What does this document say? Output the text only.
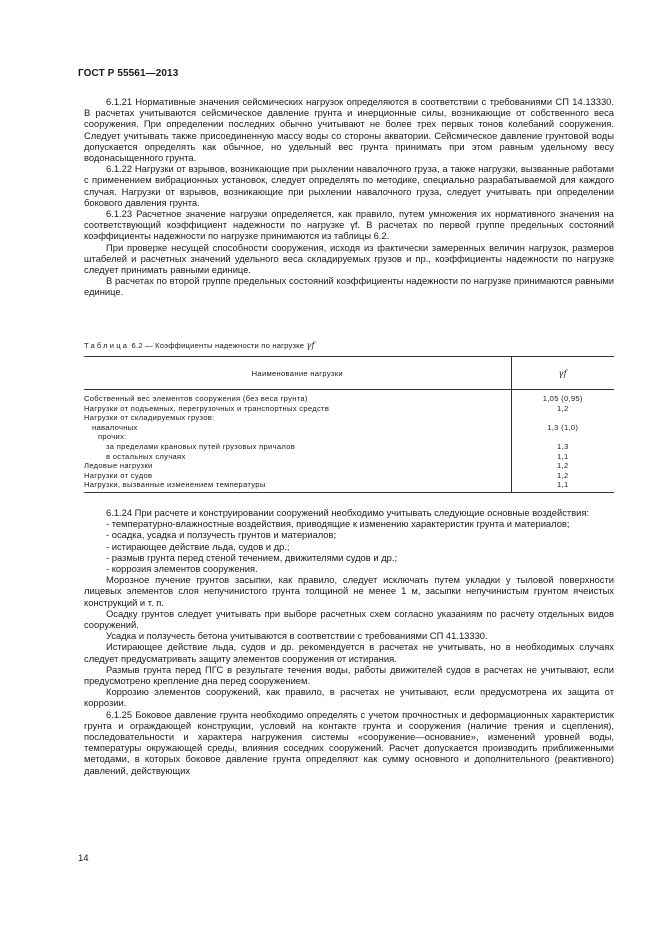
ГОСТ Р 55561—2013

6.1.21 Нормативные значения сейсмических нагрузок определяются в соответствии с требованиями СП 14.13330. В расчетах учитываются сейсмическое давление грунта и инерционные силы, возникающие от собственного веса сооружения. При определении последних обычно учитывают не более трех первых тонов колебаний сооружения. Следует учитывать также присоединенную массу воды со стороны акватории. Сейсмическое давление грунтовой воды допускается определять как обычное, но удельный вес грунта принимать при этом равным удельному весу водонасыщенного грунта.

6.1.22 Нагрузки от взрывов, возникающие при рыхлении навалочного груза, а также нагрузки, вызванные работами с применением вибрационных установок, следует определять по методике, специально разрабатываемой для каждого случая. Нагрузки от взрывов, возникающие при рыхлении навалочного груза, следует учитывать при определении бокового давления грунта.

6.1.23 Расчетное значение нагрузки определяется, как правило, путем умножения их нормативного значения на соответствующий коэффициент надежности по нагрузке γf. В расчетах по первой группе предельных состояний коэффициенты надежности по нагрузке принимаются из таблицы 6.2.

При проверке несущей способности сооружения, исходя из фактически замеренных величин нагрузок, размеров штабелей и расчетных значений удельного веса складируемых грузов и пр., коэффициенты надежности по нагрузке следует принимать равными единице.

В расчетах по второй группе предельных состояний коэффициенты надежности по нагрузке принимаются равными единице.

Таблица 6.2 — Коэффициенты надежности по нагрузке γf
Наименование нагрузки	γf
Собственный вес элементов сооружения (без веса грунта)	1,05 (0,95)
Нагрузки от подъемных, перегрузочных и транспортных средств	1,2
Нагрузки от складируемых грузов:	
навалочных	1,3 (1,0)
прочих:	
за пределами крановых путей грузовых причалов	1,3
в остальных случаях	1,1
Ледовые нагрузки	1,2
Нагрузки от судов	1,2
Нагрузки, вызванные изменением температуры	1,1

6.1.24 При расчете и конструировании сооружений необходимо учитывать следующие основные воздействия:

- температурно-влажностные воздействия, приводящие к изменению характеристик грунта и материалов;

- осадка, усадка и ползучесть грунтов и материалов;

- истирающее действие льда, судов и др.;

- размыв грунта перед стеной течением, движителями судов и др.;

- коррозия элементов сооружения.

Морозное пучение грунтов засыпки, как правило, следует исключать путем укладки у тыловой поверхности лицевых элементов слоя непучинистого грунта толщиной не менее 1 м, засыпки непучинистым грунтом ячеистых конструкций и т. п.

Осадку грунтов следует учитывать при выборе расчетных схем согласно указаниям по расчету отдельных видов сооружений.

Усадка и ползучесть бетона учитываются в соответствии с требованиями СП 41.13330.

Истирающее действие льда, судов и др. рекомендуется в расчетах не учитывать, но в необходимых случаях следует предусматривать защиту элементов сооружения от истирания.

Размыв грунта перед ПГС в результате течения воды, работы движителей судов в расчетах не учитывают, если предусмотрено крепление дна перед сооружением.

Коррозию элементов сооружений, как правило, в расчетах не учитывают, если предусмотрена их защита от коррозии.

6.1.25 Боковое давление грунта необходимо определять с учетом прочностных и деформационных характеристик грунта и ограждающей конструкции, условий на контакте грунта и сооружения (наличие трения и сцепления), последовательности и характера нагружения системы «сооружение—основание», изменений уровней воды, температуры окружающей среды, влияния соседних сооружений. Расчет допускается производить приближенными методами, в которых боковое давление грунта определяют как сумму основного и дополнительного (реактивного) давлений, действующих

14
